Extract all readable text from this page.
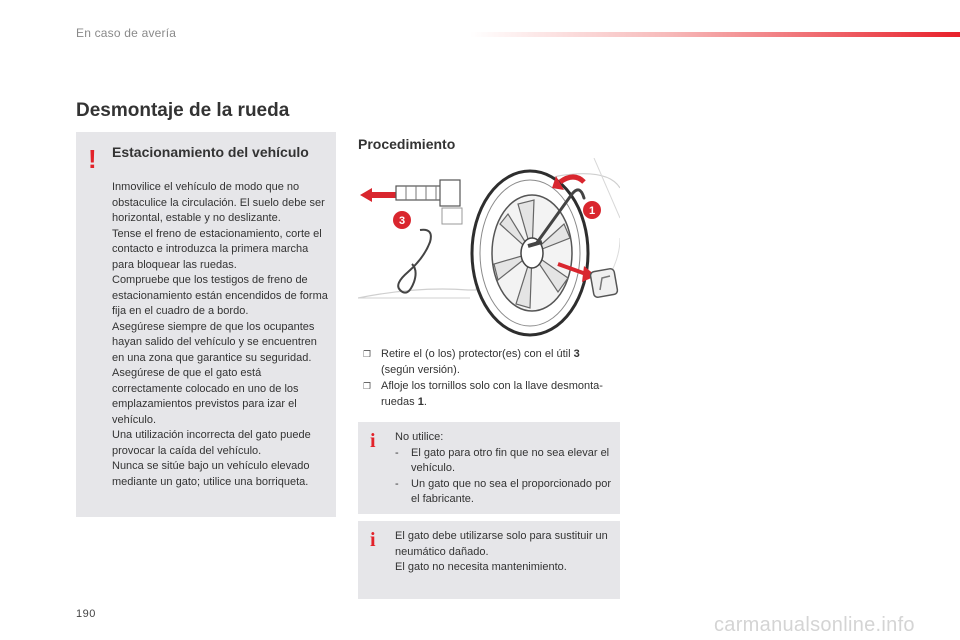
En caso de avería
Desmontaje de la rueda
! Estacionamiento del vehículo

Inmovilice el vehículo de modo que no obstaculice la circulación. El suelo debe ser horizontal, estable y no deslizante.

Tense el freno de estacionamiento, corte el contacto e introduzca la primera marcha para bloquear las ruedas.

Compruebe que los testigos de freno de estacionamiento están encendidos de forma fija en el cuadro de a bordo.

Asegúrese siempre de que los ocupantes hayan salido del vehículo y se encuentren en una zona que garantice su seguridad.

Asegúrese de que el gato está correctamente colocado en uno de los emplazamientos previstos para izar el vehículo.

Una utilización incorrecta del gato puede provocar la caída del vehículo.

Nunca se sitúe bajo un vehículo elevado mediante un gato; utilice una borriqueta.

Procedimiento
3
1
❐ Retire el (o los) protector(es) con el útil 3 (según versión).
❐ Afloje los tornillos solo con la llave desmonta-ruedas 1.
i No utilice:

- El gato para otro fin que no sea elevar el vehículo.
- Un gato que no sea el proporcionado por el fabricante.
i El gato debe utilizarse solo para sustituir un neumático dañado.

El gato no necesita mantenimiento.

190	carmanualsonline.info
